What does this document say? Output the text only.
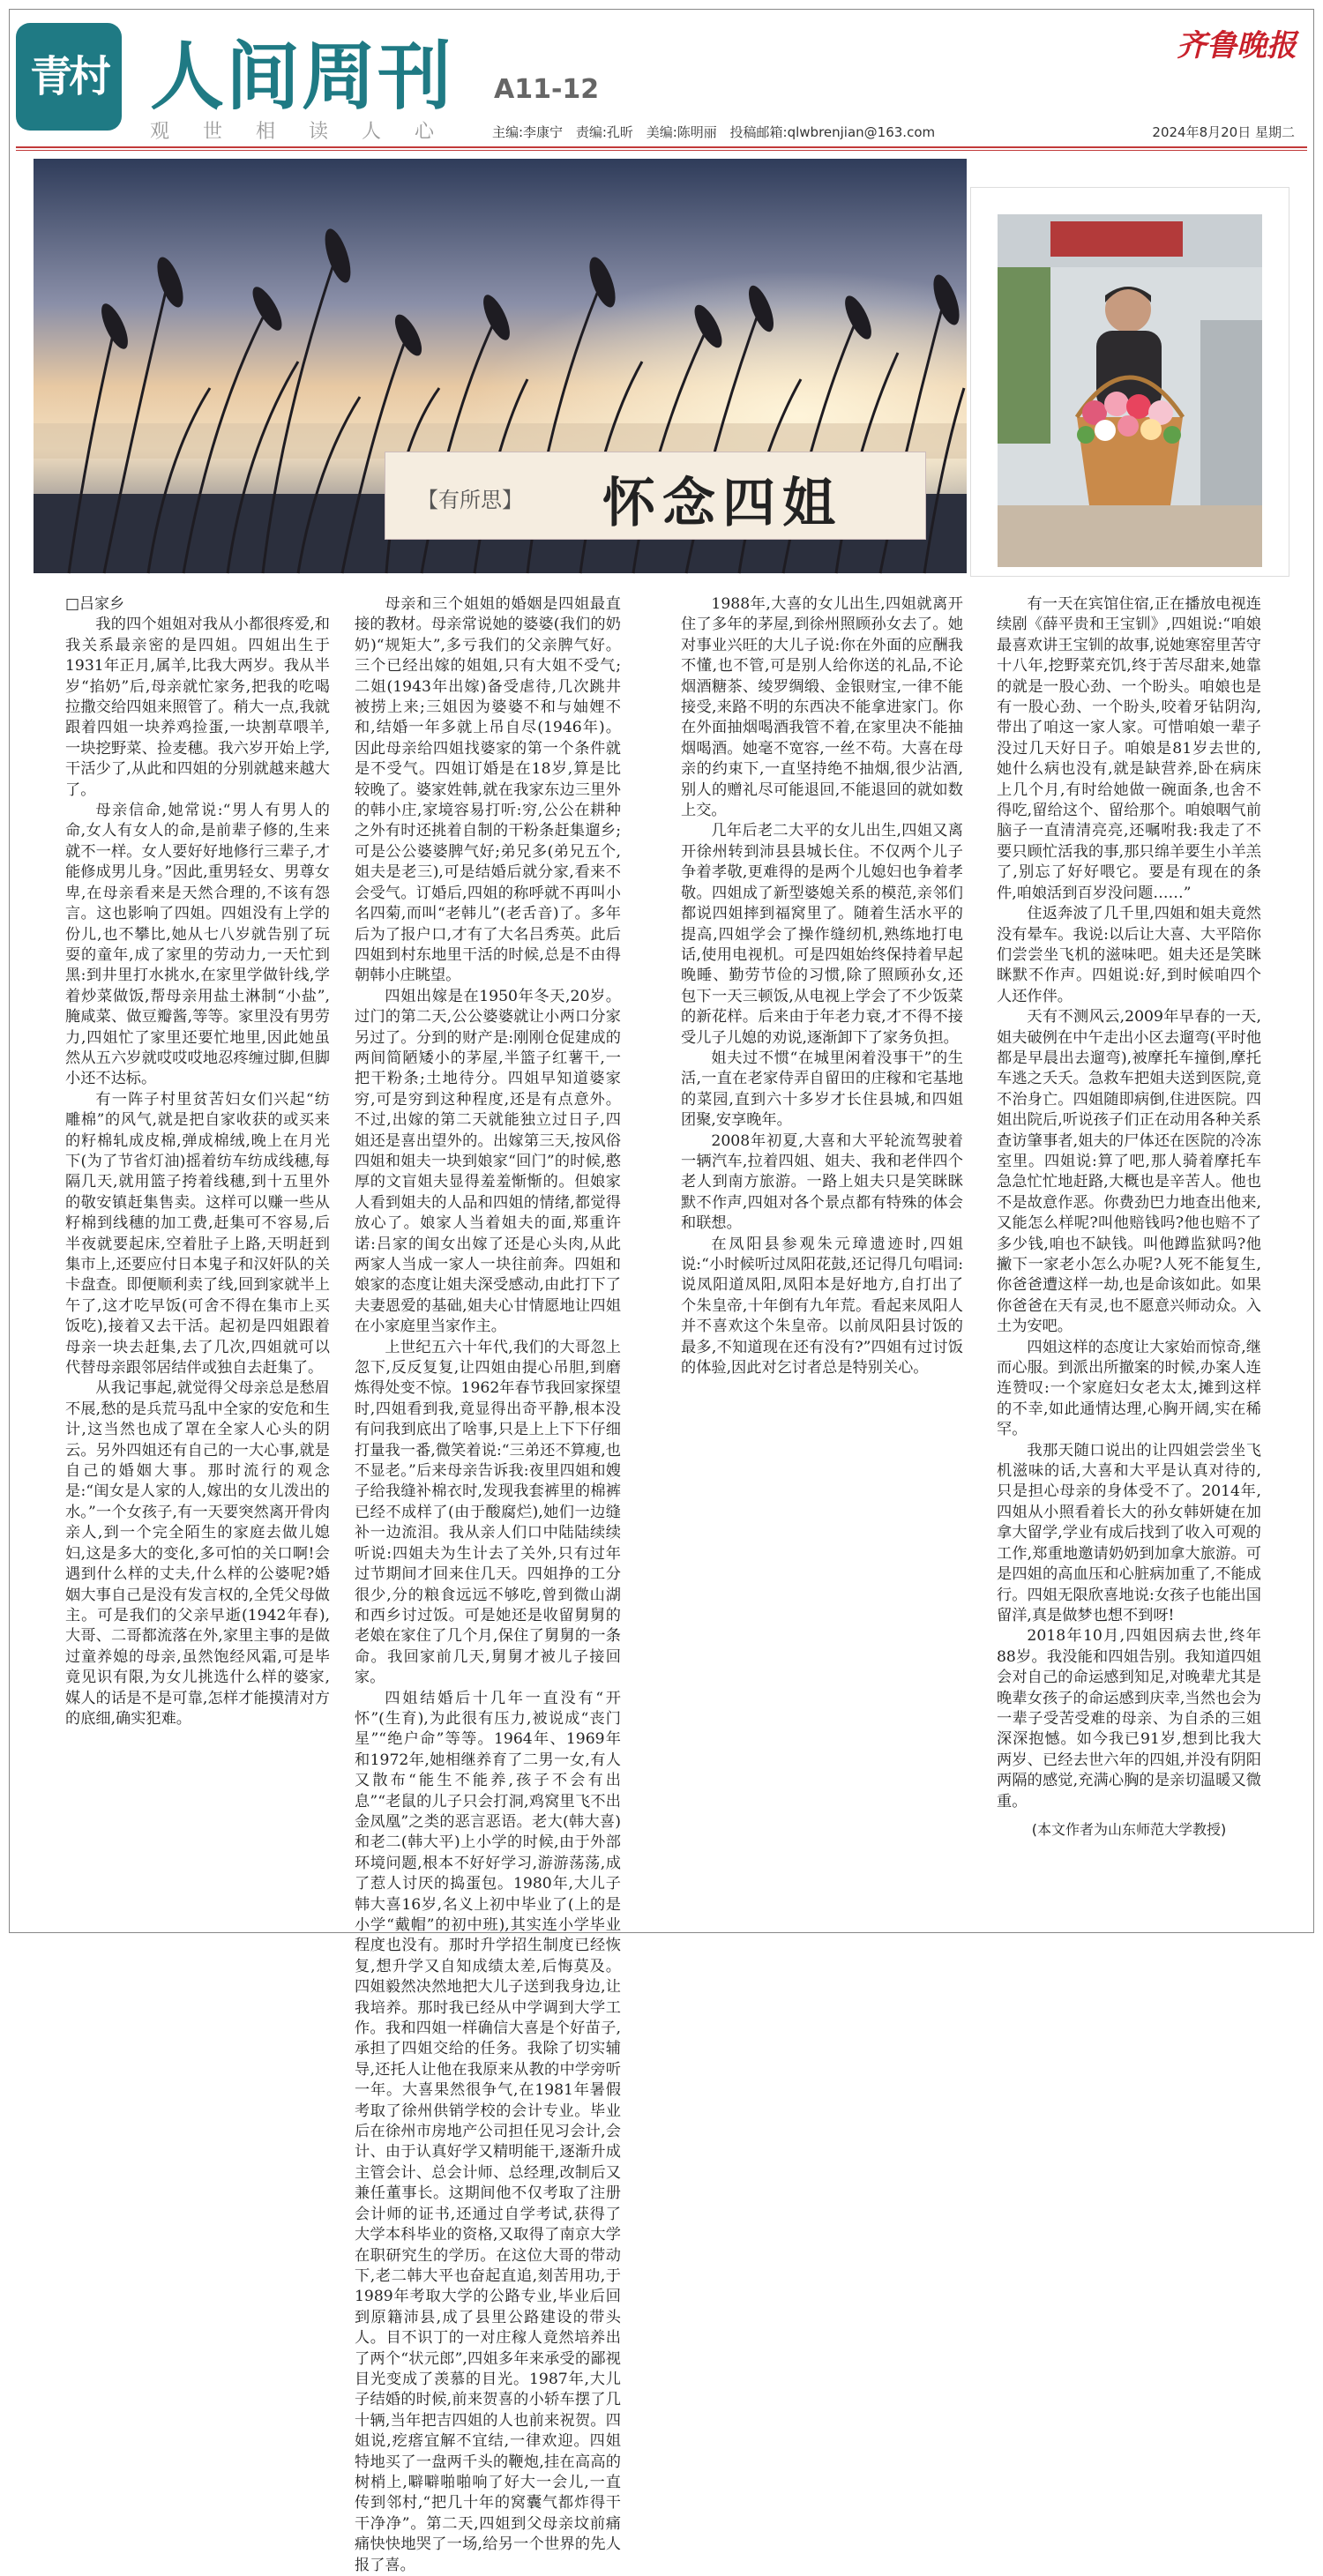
青村 人间周刊 A11-12
观世相读人心 主编:李康宁 责编:孔昕 美编:陈明丽 投稿邮箱:qlwbrenjian@163.com	2024年8月20日 星期二
齐鲁晚报
【有所思】 怀念四姐

□吕家乡

我的四个姐姐对我从小都很疼爱,和我关系最亲密的是四姐。四姐出生于1931年正月,属羊,比我大两岁。我从半岁“掐奶”后,母亲就忙家务,把我的吃喝拉撒交给四姐来照管了。稍大一点,我就跟着四姐一块养鸡捡蛋,一块割草喂羊,一块挖野菜、捡麦穗。我六岁开始上学,干活少了,从此和四姐的分别就越来越大了。

母亲信命,她常说:“男人有男人的命,女人有女人的命,是前辈子修的,生来就不一样。女人要好好地修行三辈子,才能修成男儿身。”因此,重男轻女、男尊女卑,在母亲看来是天然合理的,不该有怨言。这也影响了四姐。四姐没有上学的份儿,也不攀比,她从七八岁就告别了玩耍的童年,成了家里的劳动力,一天忙到黑:到井里打水挑水,在家里学做针线,学着炒菜做饭,帮母亲用盐土淋制“小盐”,腌咸菜、做豆瓣酱,等等。家里没有男劳力,四姐忙了家里还要忙地里,因此她虽然从五六岁就哎哎哎地忍疼缠过脚,但脚小还不达标。

有一阵子村里贫苦妇女们兴起“纺雕棉”的风气,就是把自家收获的或买来的籽棉轧成皮棉,弹成棉绒,晚上在月光下(为了节省灯油)摇着纺车纺成线穗,每隔几天,就用篮子挎着线穗,到十五里外的敬安镇赶集售卖。这样可以赚一些从籽棉到线穗的加工费,赶集可不容易,后半夜就要起床,空着肚子上路,天明赶到集市上,还要应付日本鬼子和汉奸队的关卡盘查。即便顺利卖了线,回到家就半上午了,这才吃早饭(可舍不得在集市上买饭吃),接着又去干活。起初是四姐跟着母亲一块去赶集,去了几次,四姐就可以代替母亲跟邻居结伴或独自去赶集了。

从我记事起,就觉得父母亲总是愁眉不展,愁的是兵荒马乱中全家的安危和生计,这当然也成了罩在全家人心头的阴云。另外四姐还有自己的一大心事,就是自己的婚姻大事。那时流行的观念是:“闺女是人家的人,嫁出的女儿泼出的水。”一个女孩子,有一天要突然离开骨肉亲人,到一个完全陌生的家庭去做儿媳妇,这是多大的变化,多可怕的关口啊!会遇到什么样的丈夫,什么样的公婆呢?婚姻大事自己是没有发言权的,全凭父母做主。可是我们的父亲早逝(1942年春),大哥、二哥都流落在外,家里主事的是做过童养媳的母亲,虽然饱经风霜,可是毕竟见识有限,为女儿挑选什么样的婆家,媒人的话是不是可靠,怎样才能摸清对方的底细,确实犯难。

母亲和三个姐姐的婚姻是四姐最直接的教材。母亲常说她的婆婆(我们的奶奶)“规矩大”,多亏我们的父亲脾气好。三个已经出嫁的姐姐,只有大姐不受气;二姐(1943年出嫁)备受虐待,几次跳井被捞上来;三姐因为婆婆不和与妯娌不和,结婚一年多就上吊自尽(1946年)。因此母亲给四姐找婆家的第一个条件就是不受气。四姐订婚是在18岁,算是比较晚了。婆家姓韩,就在我家东边三里外的韩小庄,家境容易打听:穷,公公在耕种之外有时还挑着自制的干粉条赶集遛乡;可是公公婆婆脾气好;弟兄多(弟兄五个,姐夫是老三),可是结婚后就分家,看来不会受气。订婚后,四姐的称呼就不再叫小名四菊,而叫“老韩儿”(老舌音)了。多年后为了报户口,才有了大名吕秀英。此后四姐到村东地里干活的时候,总是不由得朝韩小庄眺望。

四姐出嫁是在1950年冬天,20岁。过门的第二天,公公婆婆就让小两口分家另过了。分到的财产是:刚刚仓促建成的两间简陋矮小的茅屋,半篮子红薯干,一把干粉条;土地待分。四姐早知道婆家穷,可是穷到这种程度,还是有点意外。不过,出嫁的第二天就能独立过日子,四姐还是喜出望外的。出嫁第三天,按风俗四姐和姐夫一块到娘家“回门”的时候,憨厚的文盲姐夫显得羞羞惭惭的。但娘家人看到姐夫的人品和四姐的情绪,都觉得放心了。娘家人当着姐夫的面,郑重许诺:吕家的闺女出嫁了还是心头肉,从此两家人当成一家人一块往前奔。四姐和娘家的态度让姐夫深受感动,由此打下了夫妻恩爱的基础,姐夫心甘情愿地让四姐在小家庭里当家作主。

上世纪五六十年代,我们的大哥忽上忽下,反反复复,让四姐由提心吊胆,到磨炼得处变不惊。1962年春节我回家探望时,四姐看到我,竟显得出奇平静,根本没有问我到底出了啥事,只是上上下下仔细打量我一番,微笑着说:“三弟还不算瘦,也不显老。”后来母亲告诉我:夜里四姐和嫂子给我缝补棉衣时,发现我套裤里的棉裤已经不成样了(由于酸腐烂),她们一边缝补一边流泪。我从亲人们口中陆陆续续听说:四姐夫为生计去了关外,只有过年过节期间才回来住几天。四姐挣的工分很少,分的粮食远远不够吃,曾到微山湖和西乡讨过饭。可是她还是收留舅舅的老娘在家住了几个月,保住了舅舅的一条命。我回家前几天,舅舅才被儿子接回家。

四姐结婚后十几年一直没有“开怀”(生育),为此很有压力,被说成“丧门星”“绝户命”等等。1964年、1969年和1972年,她相继养育了二男一女,有人又散布“能生不能养,孩子不会有出息”“老鼠的儿子只会打洞,鸡窝里飞不出金凤凰”之类的恶言恶语。老大(韩大喜)和老二(韩大平)上小学的时候,由于外部环境问题,根本不好好学习,游游荡荡,成了惹人讨厌的捣蛋包。1980年,大儿子韩大喜16岁,名义上初中毕业了(上的是小学“戴帽”的初中班),其实连小学毕业程度也没有。那时升学招生制度已经恢复,想升学又自知成绩太差,后悔莫及。四姐毅然决然地把大儿子送到我身边,让我培养。那时我已经从中学调到大学工作。我和四姐一样确信大喜是个好苗子,承担了四姐交给的任务。我除了切实辅导,还托人让他在我原来从教的中学旁听一年。大喜果然很争气,在1981年暑假考取了徐州供销学校的会计专业。毕业后在徐州市房地产公司担任见习会计,会计、由于认真好学又精明能干,逐渐升成主管会计、总会计师、总经理,改制后又兼任董事长。这期间他不仅考取了注册会计师的证书,还通过自学考试,获得了大学本科毕业的资格,又取得了南京大学在职研究生的学历。在这位大哥的带动下,老二韩大平也奋起直追,刻苦用功,于1989年考取大学的公路专业,毕业后回到原籍沛县,成了县里公路建设的带头人。目不识丁的一对庄稼人竟然培养出了两个“状元郎”,四姐多年来承受的鄙视目光变成了羡慕的目光。1987年,大儿子结婚的时候,前来贺喜的小轿车摆了几十辆,当年把吉四姐的人也前来祝贺。四姐说,疙瘩宜解不宜结,一律欢迎。四姐特地买了一盘两千头的鞭炮,挂在高高的树梢上,噼噼啪啪响了好大一会儿,一直传到邻村,“把几十年的窝囊气都炸得干干净净”。第二天,四姐到父母亲坟前痛痛快快地哭了一场,给另一个世界的先人报了喜。

1988年,大喜的女儿出生,四姐就离开住了多年的茅屋,到徐州照顾孙女去了。她对事业兴旺的大儿子说:你在外面的应酬我不懂,也不管,可是别人给你送的礼品,不论烟酒糖茶、绫罗绸缎、金银财宝,一律不能接受,来路不明的东西决不能拿进家门。你在外面抽烟喝酒我管不着,在家里决不能抽烟喝酒。她毫不宽容,一丝不苟。大喜在母亲的约束下,一直坚持绝不抽烟,很少沾酒,别人的赠礼尽可能退回,不能退回的就如数上交。

几年后老二大平的女儿出生,四姐又离开徐州转到沛县县城长住。不仅两个儿子争着孝敬,更难得的是两个儿媳妇也争着孝敬。四姐成了新型婆媳关系的模范,亲邻们都说四姐摔到福窝里了。随着生活水平的提高,四姐学会了操作缝纫机,熟练地打电话,使用电视机。可是四姐始终保持着早起晚睡、勤劳节俭的习惯,除了照顾孙女,还包下一天三顿饭,从电视上学会了不少饭菜的新花样。后来由于年老力衰,才不得不接受儿子儿媳的劝说,逐渐卸下了家务负担。

姐夫过不惯“在城里闲着没事干”的生活,一直在老家侍弄自留田的庄稼和宅基地的菜园,直到六十多岁才长住县城,和四姐团聚,安享晚年。

2008年初夏,大喜和大平轮流驾驶着一辆汽车,拉着四姐、姐夫、我和老伴四个老人到南方旅游。一路上姐夫只是笑眯眯默不作声,四姐对各个景点都有特殊的体会和联想。

在凤阳县参观朱元璋遗迹时,四姐说:“小时候听过凤阳花鼓,还记得几句唱词:说凤阳道凤阳,凤阳本是好地方,自打出了个朱皇帝,十年倒有九年荒。看起来凤阳人并不喜欢这个朱皇帝。以前凤阳县讨饭的最多,不知道现在还有没有?”四姐有过讨饭的体验,因此对乞讨者总是特别关心。

有一天在宾馆住宿,正在播放电视连续剧《薛平贵和王宝钏》,四姐说:“咱娘最喜欢讲王宝钏的故事,说她寒窑里苦守十八年,挖野菜充饥,终于苦尽甜来,她靠的就是一股心劲、一个盼头。咱娘也是有一股心劲、一个盼头,咬着牙钻阴沟,带出了咱这一家人家。可惜咱娘一辈子没过几天好日子。咱娘是81岁去世的,她什么病也没有,就是缺营养,卧在病床上几个月,有时给她做一碗面条,也舍不得吃,留给这个、留给那个。咱娘咽气前脑子一直清清亮亮,还嘱咐我:我走了不要只顾忙活我的事,那只绵羊要生小羊羔了,别忘了好好喂它。要是有现在的条件,咱娘活到百岁没问题……”

住返奔波了几千里,四姐和姐夫竟然没有晕车。我说:以后让大喜、大平陪你们尝尝坐飞机的滋味吧。姐夫还是笑眯眯默不作声。四姐说:好,到时候咱四个人还作伴。

天有不测风云,2009年早春的一天,姐夫破例在中午走出小区去遛弯(平时他都是早晨出去遛弯),被摩托车撞倒,摩托车逃之夭夭。急救车把姐夫送到医院,竟不治身亡。四姐随即病倒,住进医院。四姐出院后,听说孩子们正在动用各种关系查访肇事者,姐夫的尸体还在医院的冷冻室里。四姐说:算了吧,那人骑着摩托车急急忙忙地赶路,大概也是辛苦人。他也不是故意作恶。你费劲巴力地查出他来,又能怎么样呢?叫他赔钱吗?他也赔不了多少钱,咱也不缺钱。叫他蹲监狱吗?他撇下一家老小怎么办呢?人死不能复生,你爸爸遭这样一劫,也是命该如此。如果你爸爸在天有灵,也不愿意兴师动众。入土为安吧。

四姐这样的态度让大家始而惊奇,继而心服。到派出所撤案的时候,办案人连连赞叹:一个家庭妇女老太太,摊到这样的不幸,如此通情达理,心胸开阔,实在稀罕。

我那天随口说出的让四姐尝尝坐飞机滋味的话,大喜和大平是认真对待的,只是担心母亲的身体受不了。2014年,四姐从小照看着长大的孙女韩妍婕在加拿大留学,学业有成后找到了收入可观的工作,郑重地邀请奶奶到加拿大旅游。可是四姐的高血压和心脏病加重了,不能成行。四姐无限欣喜地说:女孩子也能出国留洋,真是做梦也想不到呀!

2018年10月,四姐因病去世,终年88岁。我没能和四姐告别。我知道四姐会对自己的命运感到知足,对晚辈尤其是晚辈女孩子的命运感到庆幸,当然也会为一辈子受苦受难的母亲、为自杀的三姐深深抱憾。如今我已91岁,想到比我大两岁、已经去世六年的四姐,并没有阴阳两隔的感觉,充满心胸的是亲切温暖又微重。

(本文作者为山东师范大学教授)
